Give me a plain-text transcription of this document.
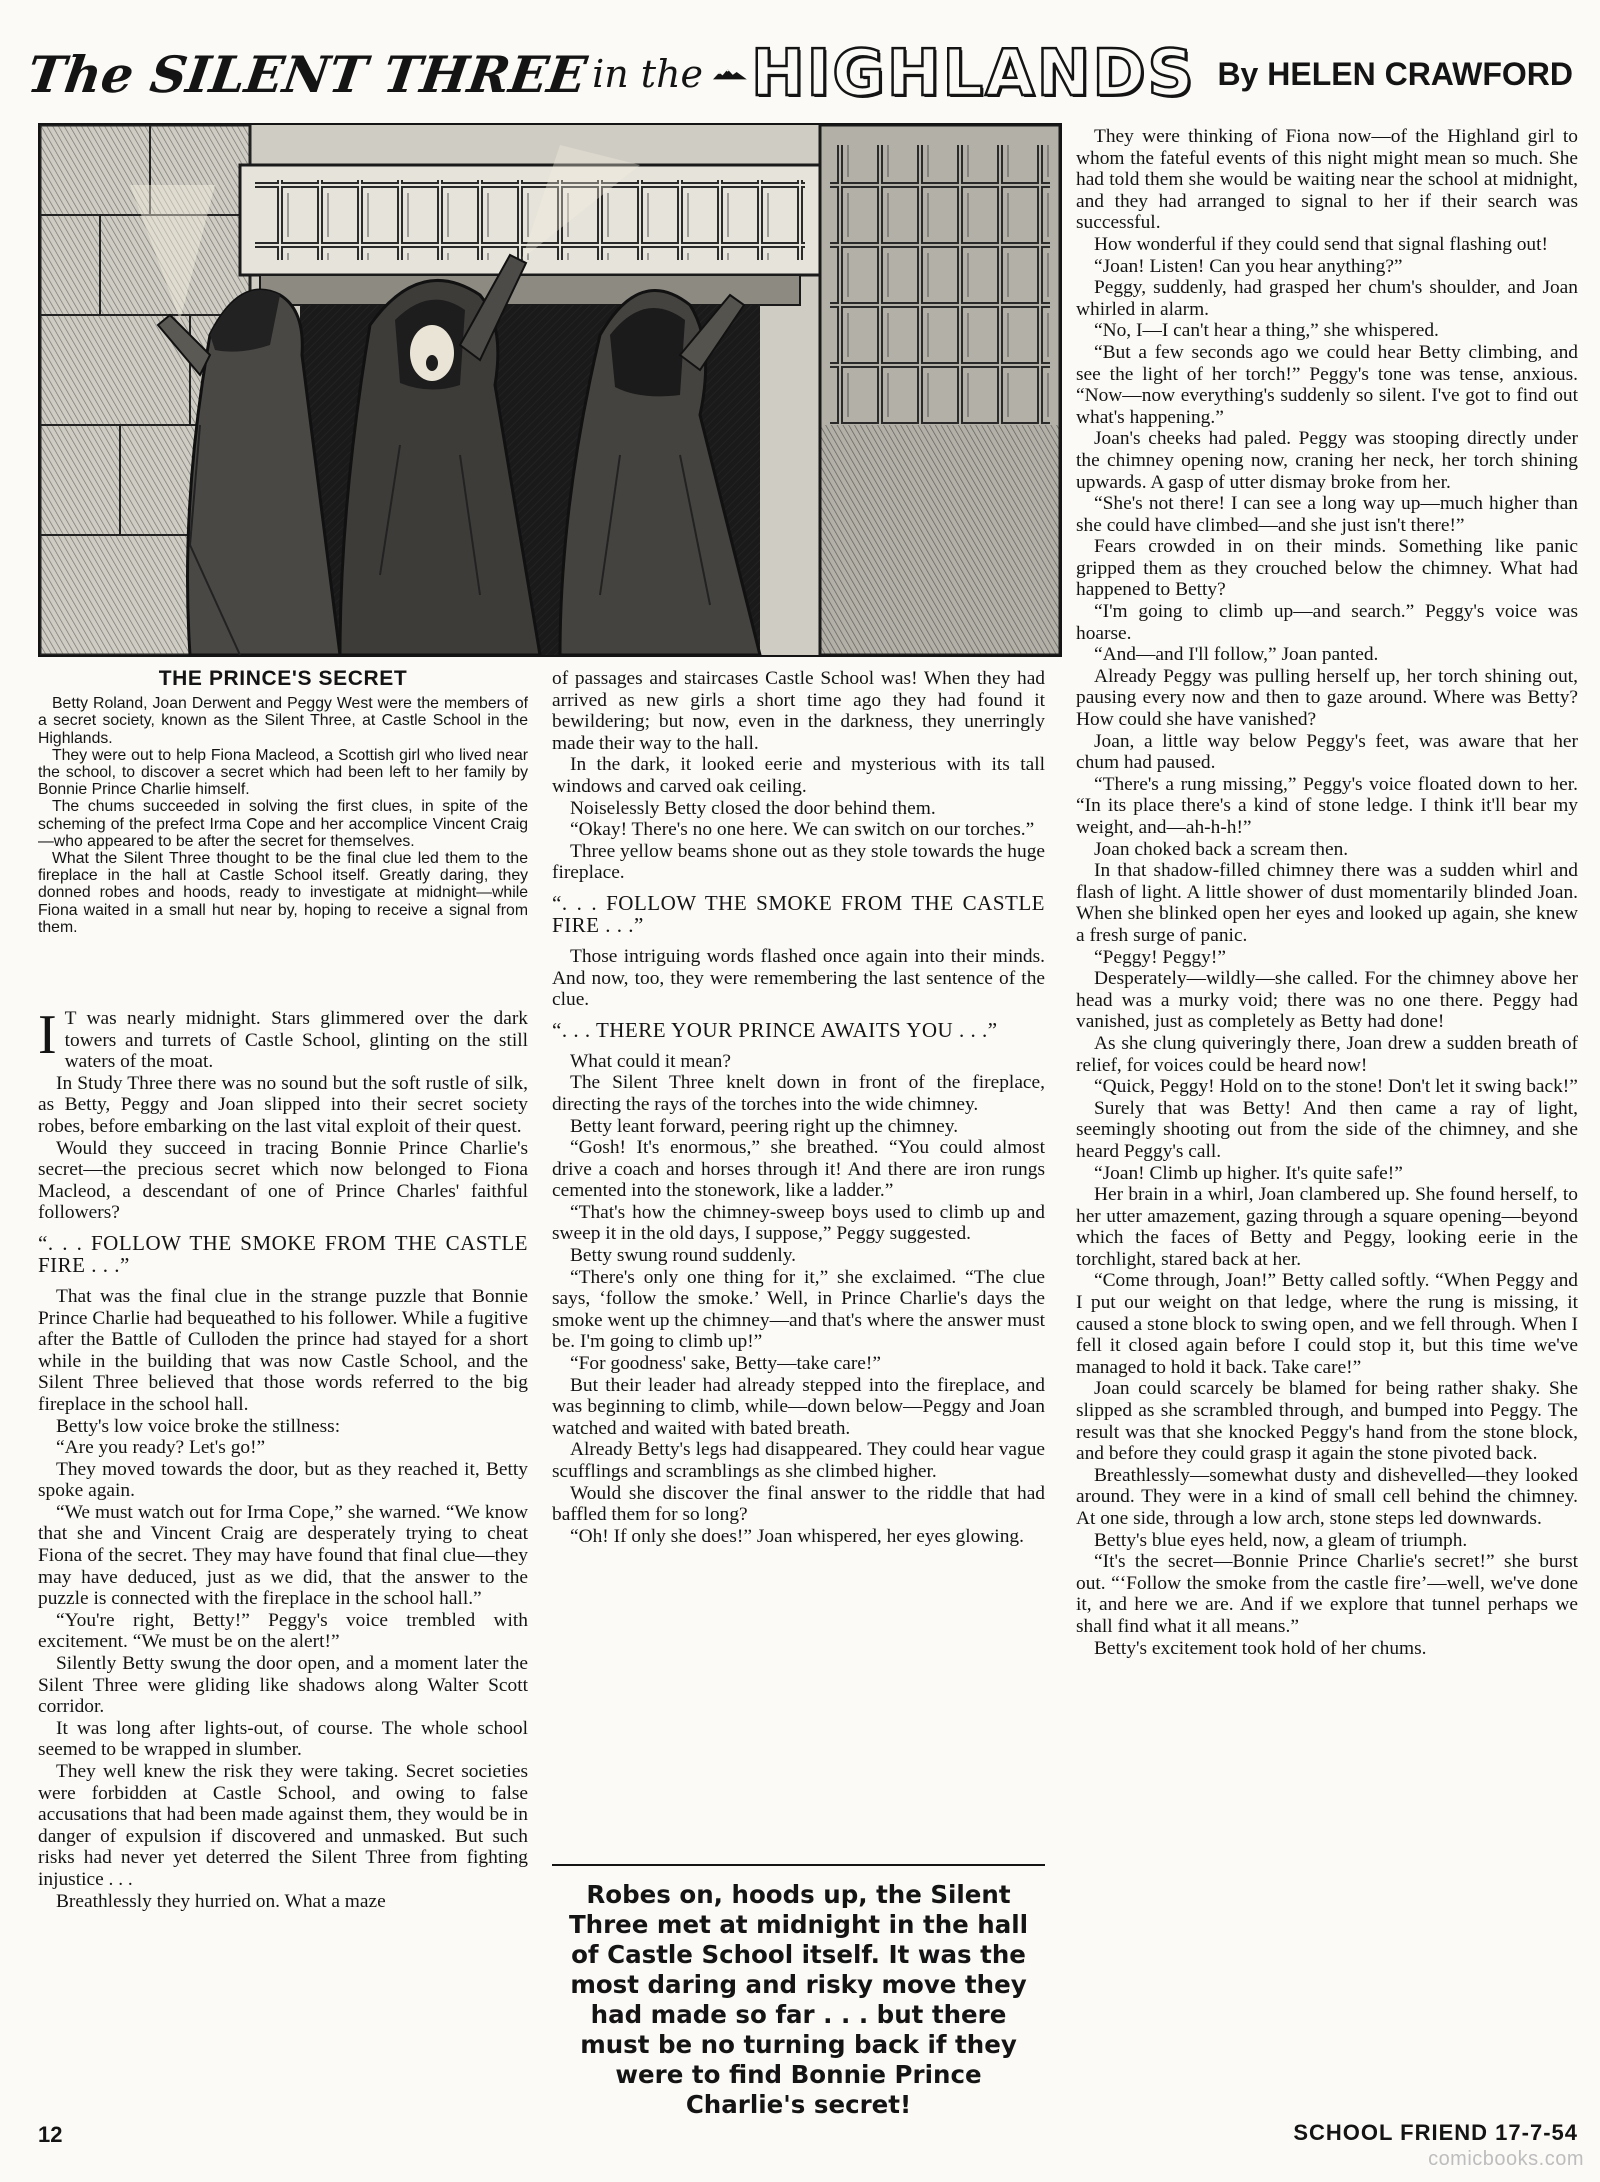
The SILENT THREE in the HIGHLANDS By HELEN CRAWFORD
THE PRINCE'S SECRET

Betty Roland, Joan Derwent and Peggy West were the members of a secret society, known as the Silent Three, at Castle School in the Highlands.

They were out to help Fiona Macleod, a Scottish girl who lived near the school, to discover a secret which had been left to her family by Bonnie Prince Charlie himself.

The chums succeeded in solving the first clues, in spite of the scheming of the prefect Irma Cope and her accomplice Vincent Craig—who appeared to be after the secret for themselves.

What the Silent Three thought to be the final clue led them to the fireplace in the hall at Castle School itself. Greatly daring, they donned robes and hoods, ready to investigate at midnight—while Fiona waited in a small hut near by, hoping to receive a signal from them.

I T was nearly midnight. Stars glimmered over the dark towers and turrets of Castle School, glinting on the still waters of the moat.

In Study Three there was no sound but the soft rustle of silk, as Betty, Peggy and Joan slipped into their secret society robes, before embarking on the last vital exploit of their quest.

Would they succeed in tracing Bonnie Prince Charlie's secret—the precious secret which now belonged to Fiona Macleod, a descendant of one of Prince Charles' faithful followers?

“. . . FOLLOW THE SMOKE FROM THE CASTLE FIRE . . .”

That was the final clue in the strange puzzle that Bonnie Prince Charlie had bequeathed to his follower. While a fugitive after the Battle of Culloden the prince had stayed for a short while in the building that was now Castle School, and the Silent Three believed that those words referred to the big fireplace in the school hall.

Betty's low voice broke the stillness:

“Are you ready? Let's go!”

They moved towards the door, but as they reached it, Betty spoke again.

“We must watch out for Irma Cope,” she warned. “We know that she and Vincent Craig are desperately trying to cheat Fiona of the secret. They may have found that final clue—they may have deduced, just as we did, that the answer to the puzzle is connected with the fireplace in the school hall.”

“You're right, Betty!” Peggy's voice trembled with excitement. “We must be on the alert!”

Silently Betty swung the door open, and a moment later the Silent Three were gliding like shadows along Walter Scott corridor.

It was long after lights-out, of course. The whole school seemed to be wrapped in slumber.

They well knew the risk they were taking. Secret societies were forbidden at Castle School, and owing to false accusations that had been made against them, they would be in danger of expulsion if discovered and unmasked. But such risks had never yet deterred the Silent Three from fighting injustice . . .

Breathlessly they hurried on. What a maze

of passages and staircases Castle School was! When they had arrived as new girls a short time ago they had found it bewildering; but now, even in the darkness, they unerringly made their way to the hall.

In the dark, it looked eerie and mysterious with its tall windows and carved oak ceiling.

Noiselessly Betty closed the door behind them.

“Okay! There's no one here. We can switch on our torches.”

Three yellow beams shone out as they stole towards the huge fireplace.

“. . . FOLLOW THE SMOKE FROM THE CASTLE FIRE . . .”

Those intriguing words flashed once again into their minds. And now, too, they were remembering the last sentence of the clue.

“. . . THERE YOUR PRINCE AWAITS YOU . . .”

What could it mean?

The Silent Three knelt down in front of the fireplace, directing the rays of the torches into the wide chimney.

Betty leant forward, peering right up the chimney.

“Gosh! It's enormous,” she breathed. “You could almost drive a coach and horses through it! And there are iron rungs cemented into the stonework, like a ladder.”

“That's how the chimney-sweep boys used to climb up and sweep it in the old days, I suppose,” Peggy suggested.

Betty swung round suddenly.

“There's only one thing for it,” she exclaimed. “The clue says, ‘follow the smoke.’ Well, in Prince Charlie's days the smoke went up the chimney—and that's where the answer must be. I'm going to climb up!”

“For goodness' sake, Betty—take care!”

But their leader had already stepped into the fireplace, and was beginning to climb, while—down below—Peggy and Joan watched and waited with bated breath.

Already Betty's legs had disappeared. They could hear vague scufflings and scramblings as she climbed higher.

Would she discover the final answer to the riddle that had baffled them for so long?

“Oh! If only she does!” Joan whispered, her eyes glowing.

Robes on, hoods up, the Silent Three met at midnight in the hall of Castle School itself. It was the most daring and risky move they had made so far . . . but there must be no turning back if they were to find Bonnie Prince Charlie's secret!

They were thinking of Fiona now—of the Highland girl to whom the fateful events of this night might mean so much. She had told them she would be waiting near the school at midnight, and they had arranged to signal to her if their search was successful.

How wonderful if they could send that signal flashing out!

“Joan! Listen! Can you hear anything?”

Peggy, suddenly, had grasped her chum's shoulder, and Joan whirled in alarm.

“No, I—I can't hear a thing,” she whispered.

“But a few seconds ago we could hear Betty climbing, and see the light of her torch!” Peggy's tone was tense, anxious. “Now—now everything's suddenly so silent. I've got to find out what's happening.”

Joan's cheeks had paled. Peggy was stooping directly under the chimney opening now, craning her neck, her torch shining upwards. A gasp of utter dismay broke from her.

“She's not there! I can see a long way up—much higher than she could have climbed—and she just isn't there!”

Fears crowded in on their minds. Something like panic gripped them as they crouched below the chimney. What had happened to Betty?

“I'm going to climb up—and search.” Peggy's voice was hoarse.

“And—and I'll follow,” Joan panted.

Already Peggy was pulling herself up, her torch shining out, pausing every now and then to gaze around. Where was Betty? How could she have vanished?

Joan, a little way below Peggy's feet, was aware that her chum had paused.

“There's a rung missing,” Peggy's voice floated down to her. “In its place there's a kind of stone ledge. I think it'll bear my weight, and—ah-h-h!”

Joan choked back a scream then.

In that shadow-filled chimney there was a sudden whirl and flash of light. A little shower of dust momentarily blinded Joan. When she blinked open her eyes and looked up again, she knew a fresh surge of panic.

“Peggy! Peggy!”

Desperately—wildly—she called. For the chimney above her head was a murky void; there was no one there. Peggy had vanished, just as completely as Betty had done!

As she clung quiveringly there, Joan drew a sudden breath of relief, for voices could be heard now!

“Quick, Peggy! Hold on to the stone! Don't let it swing back!”

Surely that was Betty! And then came a ray of light, seemingly shooting out from the side of the chimney, and she heard Peggy's call.

“Joan! Climb up higher. It's quite safe!”

Her brain in a whirl, Joan clambered up. She found herself, to her utter amazement, gazing through a square opening—beyond which the faces of Betty and Peggy, looking eerie in the torchlight, stared back at her.

“Come through, Joan!” Betty called softly. “When Peggy and I put our weight on that ledge, where the rung is missing, it caused a stone block to swing open, and we fell through. When I fell it closed again before I could stop it, but this time we've managed to hold it back. Take care!”

Joan could scarcely be blamed for being rather shaky. She slipped as she scrambled through, and bumped into Peggy. The result was that she knocked Peggy's hand from the stone block, and before they could grasp it again the stone pivoted back.

Breathlessly—somewhat dusty and dishevelled—they looked around. They were in a kind of small cell behind the chimney. At one side, through a low arch, stone steps led downwards.

Betty's blue eyes held, now, a gleam of triumph.

“It's the secret—Bonnie Prince Charlie's secret!” she burst out. “‘Follow the smoke from the castle fire’—well, we've done it, and here we are. And if we explore that tunnel perhaps we shall find what it all means.”

Betty's excitement took hold of her chums.

12	SCHOOL FRIEND 17-7-54
comicbooks.com
